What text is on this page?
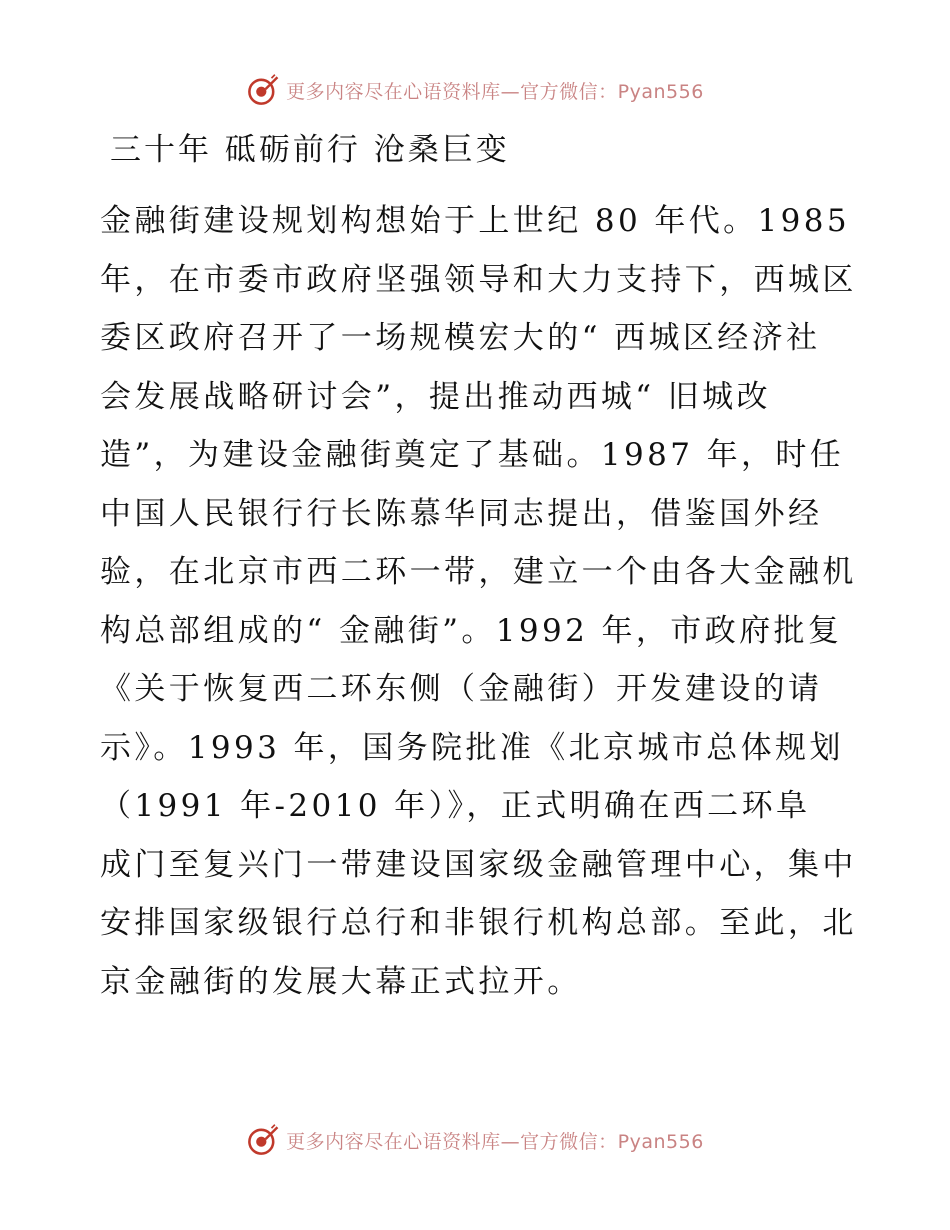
更多内容尽在心语资料库—官方微信：Pyan556
三十年 砥砺前行 沧桑巨变

金融街建设规划构想始于上世纪 80 年代。1985

年，在市委市政府坚强领导和大力支持下，西城区

委区政府召开了一场规模宏大的“ 西城区经济社

会发展战略研讨会”，提出推动西城“ 旧城改

造”，为建设金融街奠定了基础。1987 年，时任

中国人民银行行长陈慕华同志提出，借鉴国外经

验，在北京市西二环一带，建立一个由各大金融机

构总部组成的“ 金融街”。1992 年，市政府批复

《关于恢复西二环东侧（金融街）开发建设的请

示》。1993 年，国务院批准《北京城市总体规划

（1991 年-2010 年）》，正式明确在西二环阜

成门至复兴门一带建设国家级金融管理中心，集中

安排国家级银行总行和非银行机构总部。至此，北

京金融街的发展大幕正式拉开。

更多内容尽在心语资料库—官方微信：Pyan556
